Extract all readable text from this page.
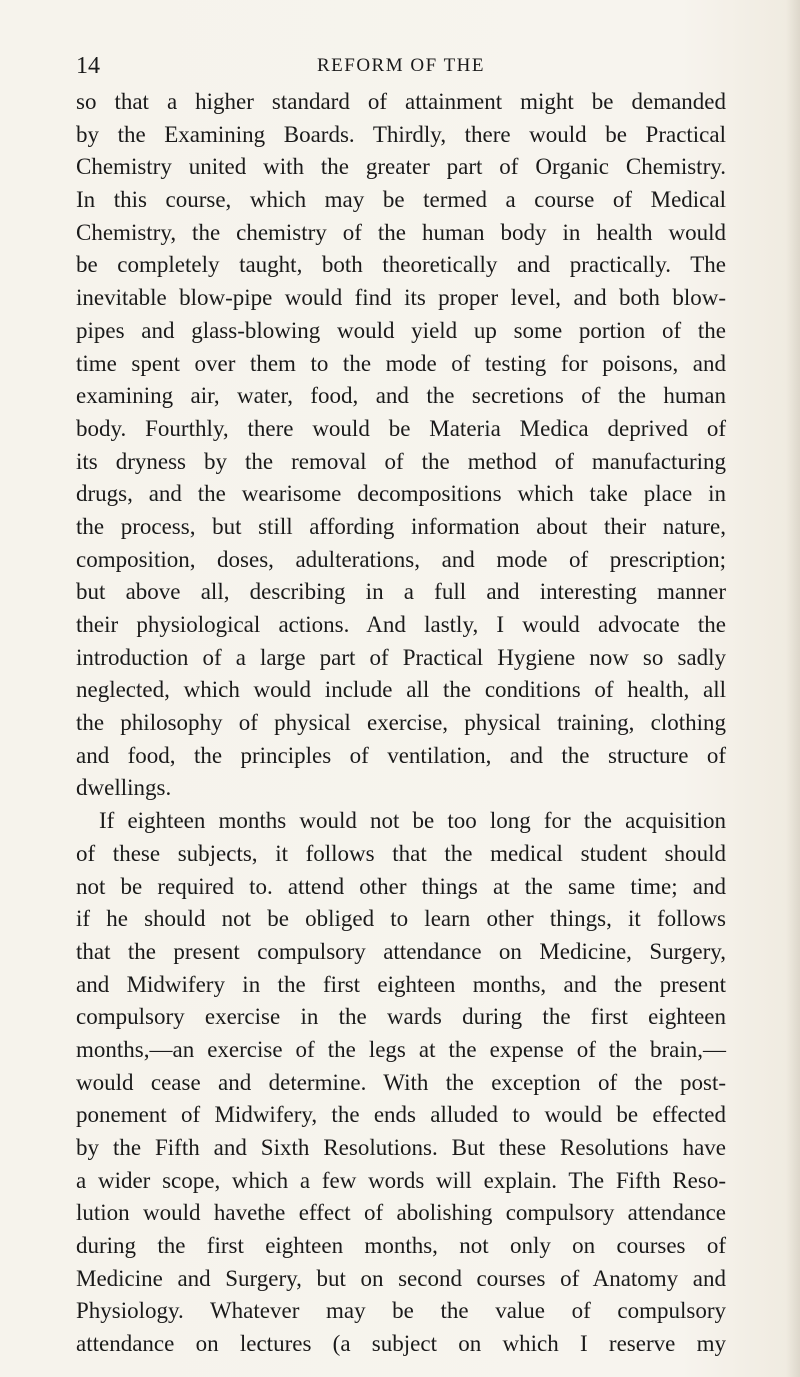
14	REFORM OF THE
so that a higher standard of attainment might be demanded
by the Examining Boards. Thirdly, there would be Practical
Chemistry united with the greater part of Organic Chemistry.
In this course, which may be termed a course of Medical
Chemistry, the chemistry of the human body in health would
be completely taught, both theoretically and practically. The
inevitable blow-pipe would find its proper level, and both blow-
pipes and glass-blowing would yield up some portion of the
time spent over them to the mode of testing for poisons, and
examining air, water, food, and the secretions of the human
body. Fourthly, there would be Materia Medica deprived of
its dryness by the removal of the method of manufacturing
drugs, and the wearisome decompositions which take place in
the process, but still affording information about their nature,
composition, doses, adulterations, and mode of prescription;
but above all, describing in a full and interesting manner
their physiological actions. And lastly, I would advocate the
introduction of a large part of Practical Hygiene now so sadly
neglected, which would include all the conditions of health, all
the philosophy of physical exercise, physical training, clothing
and food, the principles of ventilation, and the structure of
dwellings.
If eighteen months would not be too long for the acquisition
of these subjects, it follows that the medical student should
not be required to. attend other things at the same time; and
if he should not be obliged to learn other things, it follows
that the present compulsory attendance on Medicine, Surgery,
and Midwifery in the first eighteen months, and the present
compulsory exercise in the wards during the first eighteen
months,—an exercise of the legs at the expense of the brain,—
would cease and determine. With the exception of the post-
ponement of Midwifery, the ends alluded to would be effected
by the Fifth and Sixth Resolutions. But these Resolutions have
a wider scope, which a few words will explain. The Fifth Reso-
lution would havethe effect of abolishing compulsory attendance
during the first eighteen months, not only on courses of
Medicine and Surgery, but on second courses of Anatomy and
Physiology. Whatever may be the value of compulsory
attendance on lectures (a subject on which I reserve my
